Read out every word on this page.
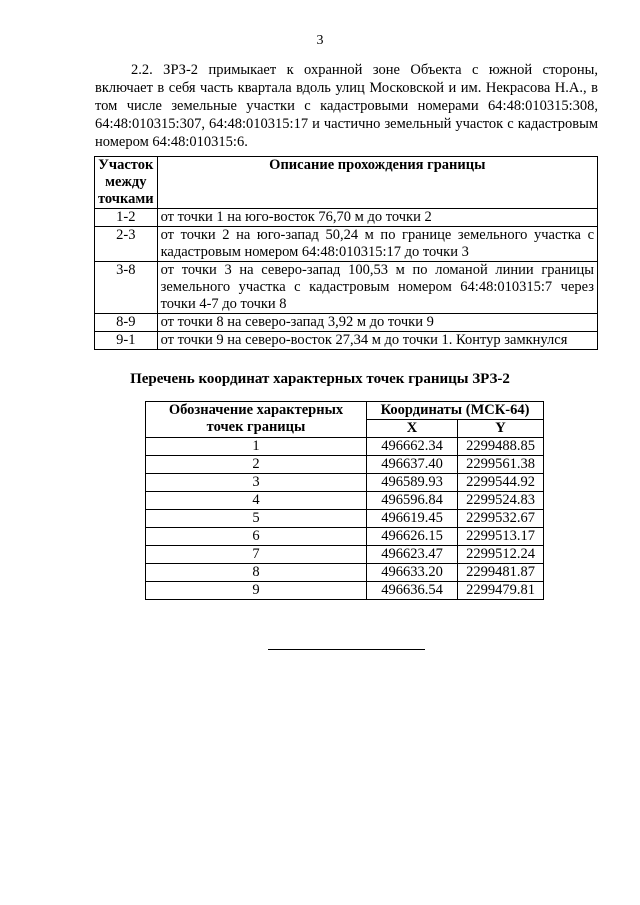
3
2.2. ЗРЗ-2 примыкает к охранной зоне Объекта с южной стороны, включает в себя часть квартала вдоль улиц Московской и им. Некрасова Н.А., в том числе земельные участки с кадастровыми номерами 64:48:010315:308, 64:48:010315:307, 64:48:010315:17 и частично земельный участок с кадастровым номером 64:48:010315:6.
Участок между точками	Описание прохождения границы
1-2	от точки 1 на юго-восток 76,70 м до точки 2
2-3	от точки 2 на юго-запад 50,24 м по границе земельного участка с кадастровым номером 64:48:010315:17 до точки 3
3-8	от точки 3 на северо-запад 100,53 м по ломаной линии границы земельного участка с кадастровым номером 64:48:010315:7 через точки 4-7 до точки 8
8-9	от точки 8 на северо-запад 3,92 м до точки 9
9-1	от точки 9 на северо-восток 27,34 м до точки 1. Контур замкнулся
Перечень координат характерных точек границы ЗРЗ-2
Обозначение характерных точек границы	Координаты (МСК-64)	
	X	Y
1	496662.34	2299488.85
2	496637.40	2299561.38
3	496589.93	2299544.92
4	496596.84	2299524.83
5	496619.45	2299532.67
6	496626.15	2299513.17
7	496623.47	2299512.24
8	496633.20	2299481.87
9	496636.54	2299479.81
